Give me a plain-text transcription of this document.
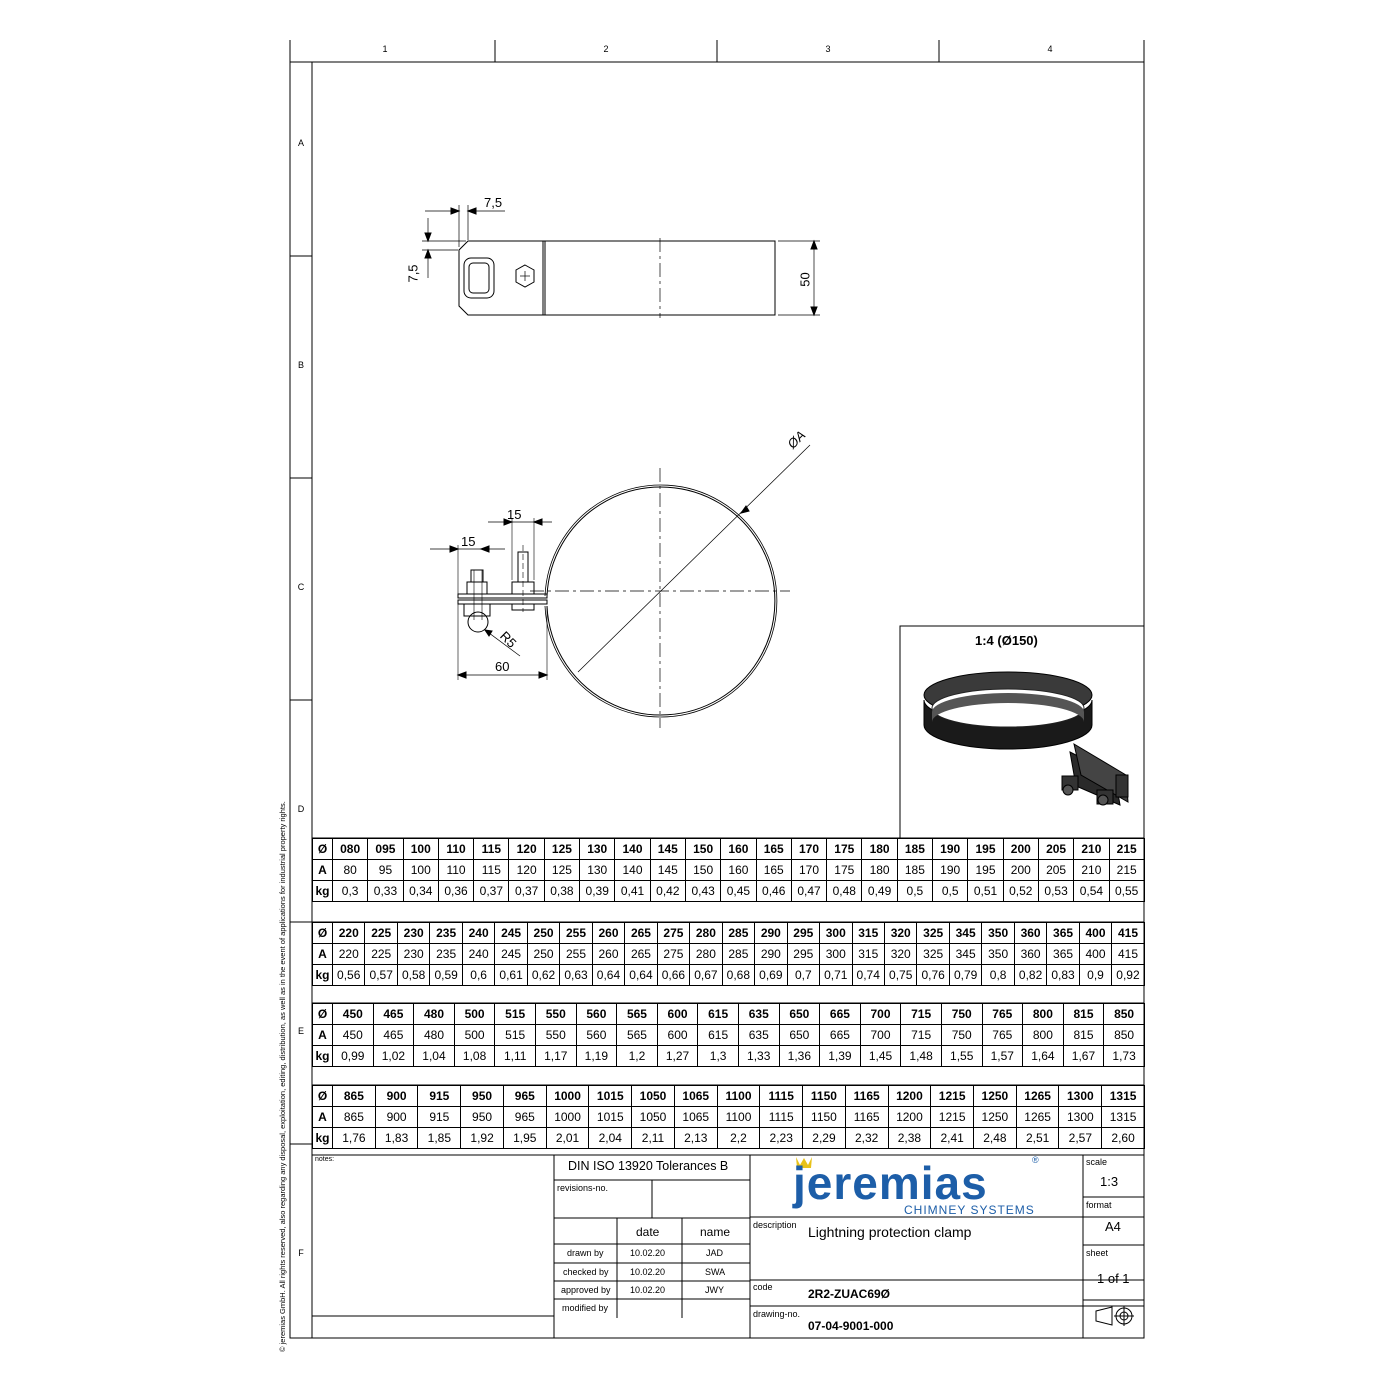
1	2	3	4
A
B
C
D
E
F
© jeremias GmbH. All rights reserved, also regarding any disposal, exploitation, editing, distribution, as well as in the event of applications for industrial property rights.
7,5
7,5	50
ØA
15
15
R5
60
1:4 (Ø150)
Ø	080	095	100	110	115	120	125	130	140	145	150	160	165	170	175	180	185	190	195	200	205	210	215
A	80	95	100	110	115	120	125	130	140	145	150	160	165	170	175	180	185	190	195	200	205	210	215
kg	0,3	0,33	0,34	0,36	0,37	0,37	0,38	0,39	0,41	0,42	0,43	0,45	0,46	0,47	0,48	0,49	0,5	0,5	0,51	0,52	0,53	0,54	0,55
Ø	220	225	230	235	240	245	250	255	260	265	275	280	285	290	295	300	315	320	325	345	350	360	365	400	415
A	220	225	230	235	240	245	250	255	260	265	275	280	285	290	295	300	315	320	325	345	350	360	365	400	415
kg	0,56	0,57	0,58	0,59	0,6	0,61	0,62	0,63	0,64	0,64	0,66	0,67	0,68	0,69	0,7	0,71	0,74	0,75	0,76	0,79	0,8	0,82	0,83	0,9	0,92
Ø	450	465	480	500	515	550	560	565	600	615	635	650	665	700	715	750	765	800	815	850
A	450	465	480	500	515	550	560	565	600	615	635	650	665	700	715	750	765	800	815	850
kg	0,99	1,02	1,04	1,08	1,11	1,17	1,19	1,2	1,27	1,3	1,33	1,36	1,39	1,45	1,48	1,55	1,57	1,64	1,67	1,73
Ø	865	900	915	950	965	1000	1015	1050	1065	1100	1115	1150	1165	1200	1215	1250	1265	1300	1315
A	865	900	915	950	965	1000	1015	1050	1065	1100	1115	1150	1165	1200	1215	1250	1265	1300	1315
kg	1,76	1,83	1,85	1,92	1,95	2,01	2,04	2,11	2,13	2,2	2,23	2,29	2,32	2,38	2,41	2,48	2,51	2,57	2,60
notes:	DIN ISO 13920 Tolerances B
revisions-no.
date	name
drawn by	10.02.20	JAD
checked by 10.02.20	SWA
approved by 10.02.20	JWY
modified by
jeremias	®
CHIMNEY SYSTEMS
description Lightning protection clamp
code	2R2-ZUAC69Ø
drawing-no.
07-04-9001-000
scale
1:3
format
A4
sheet
1 of 1
